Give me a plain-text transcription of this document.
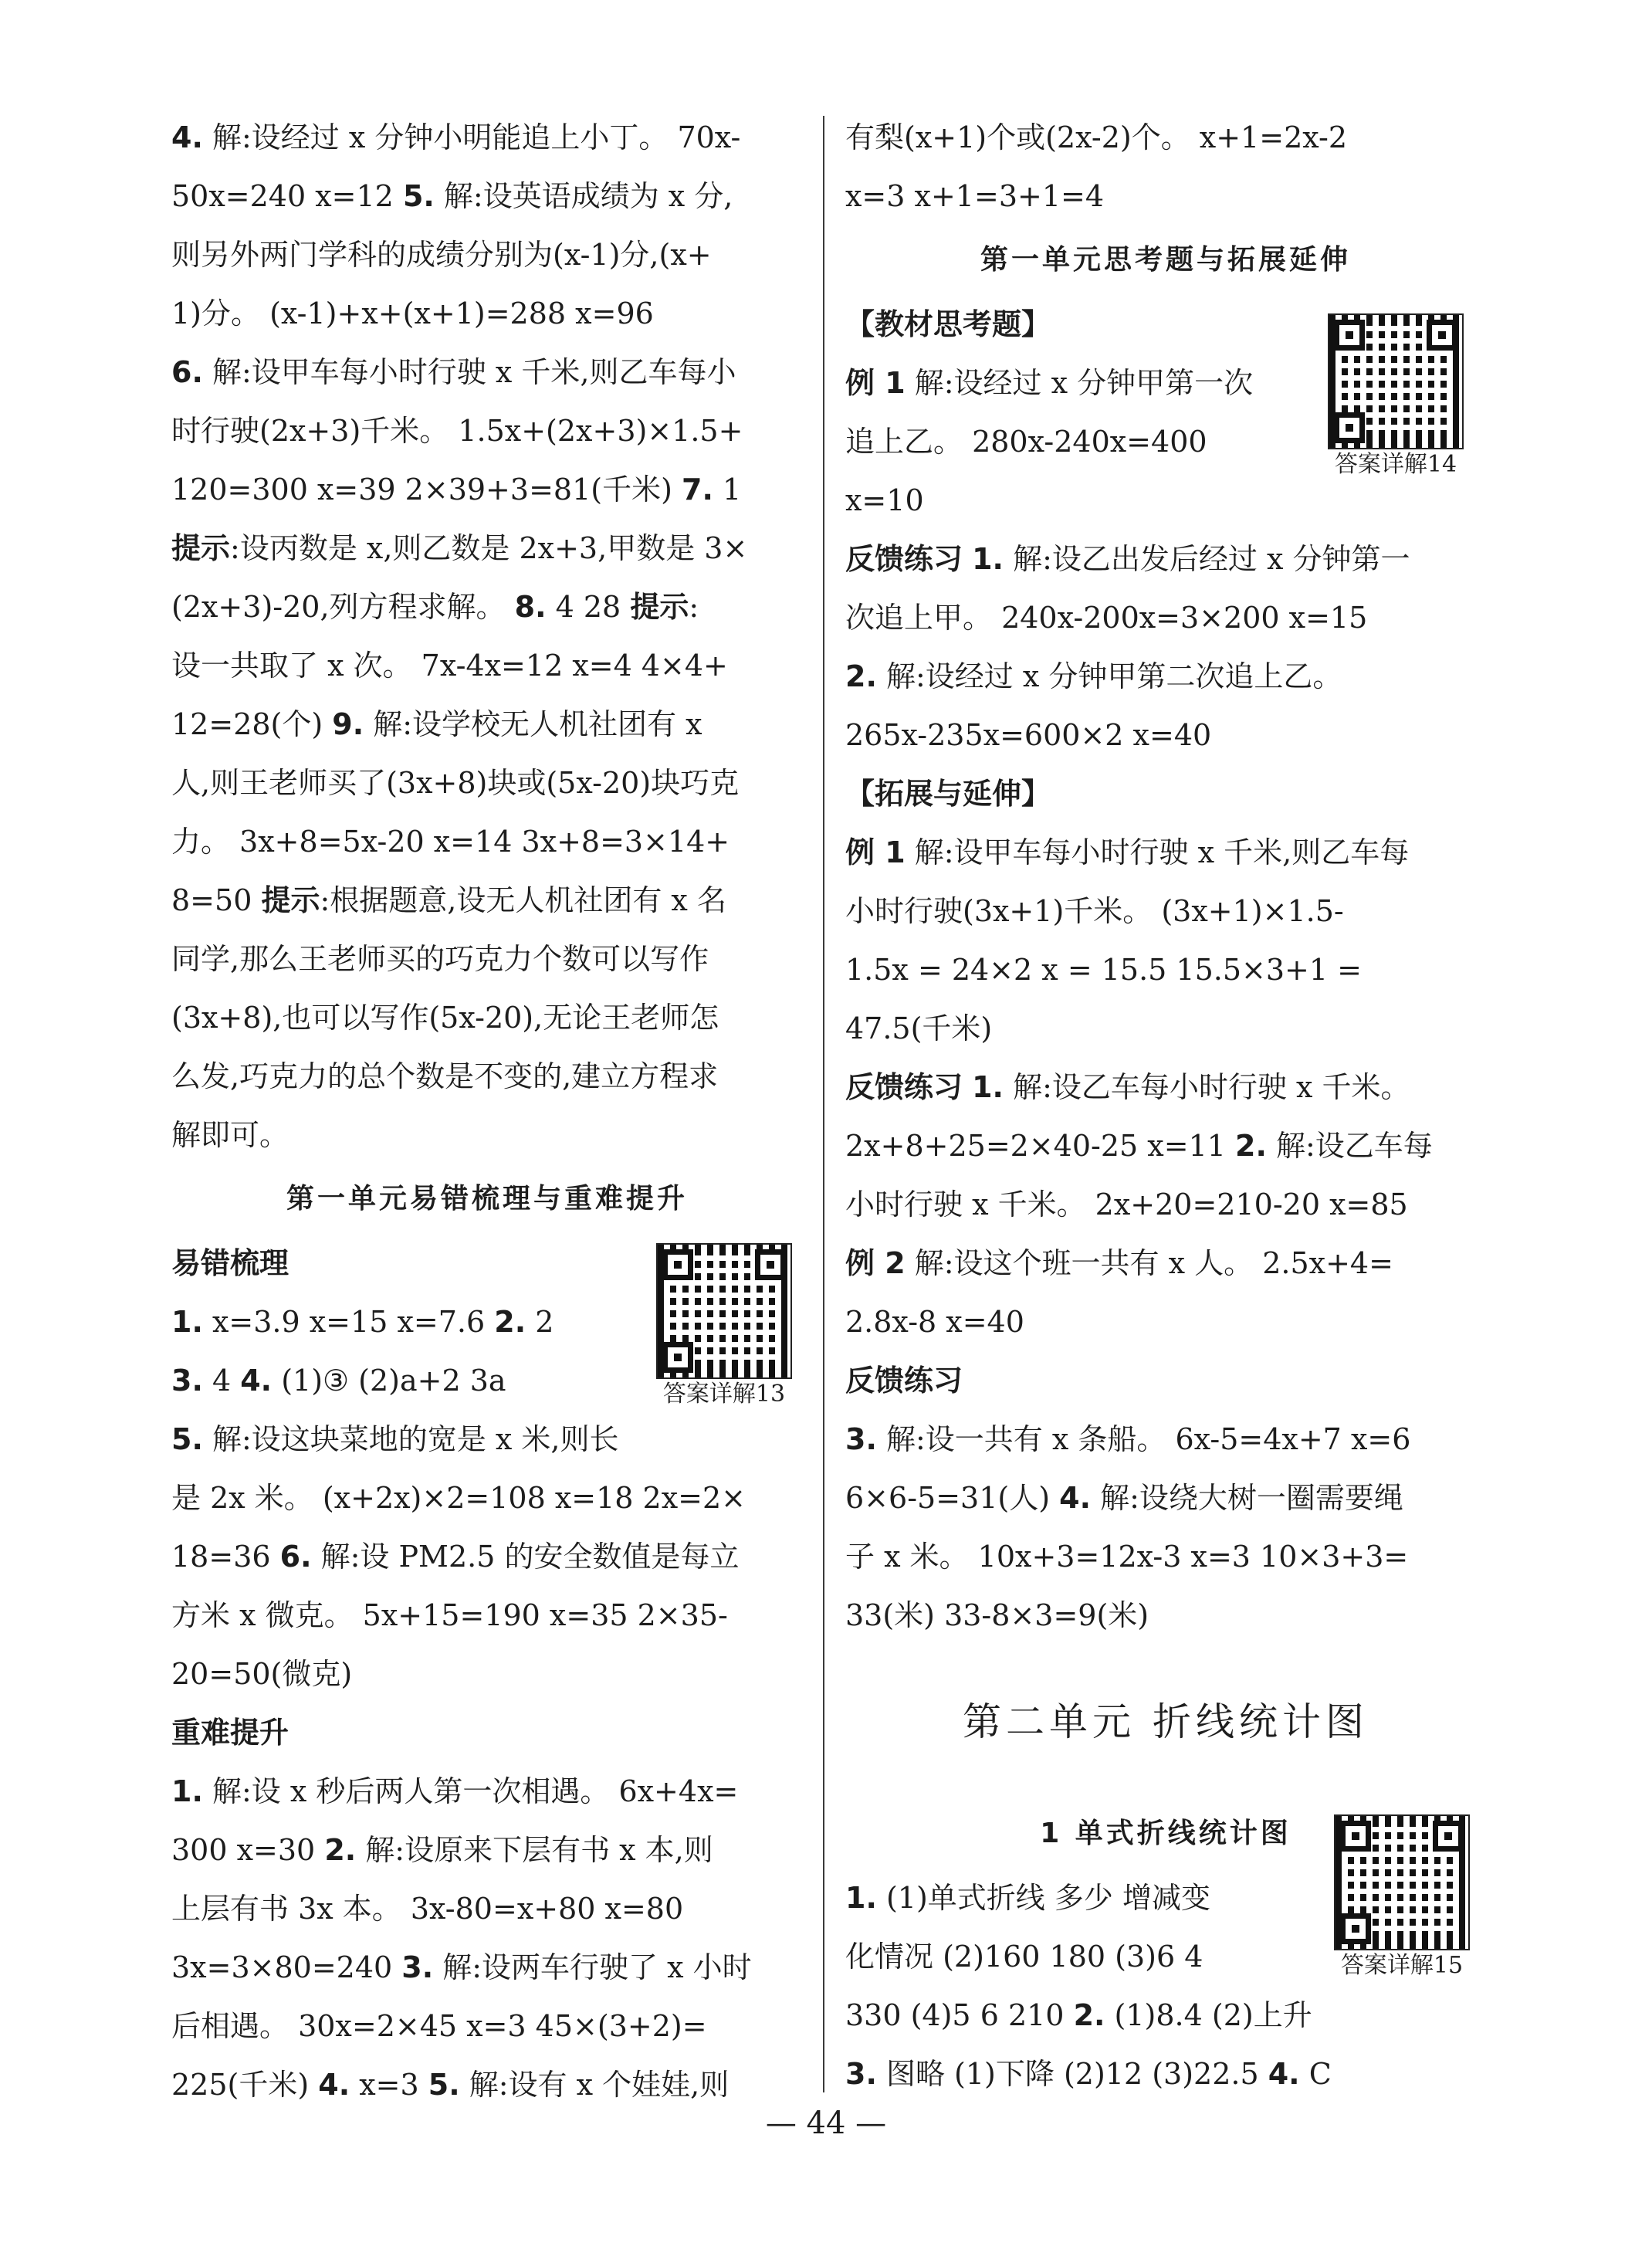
4. 解:设经过 x 分钟小明能追上小丁。 70x-
50x=240 x=12 5. 解:设英语成绩为 x 分,
则另外两门学科的成绩分别为(x-1)分,(x+
1)分。 (x-1)+x+(x+1)=288 x=96
6. 解:设甲车每小时行驶 x 千米,则乙车每小
时行驶(2x+3)千米。 1.5x+(2x+3)×1.5+
120=300 x=39 2×39+3=81(千米) 7. 1
提示:设丙数是 x,则乙数是 2x+3,甲数是 3×
(2x+3)-20,列方程求解。 8. 4 28 提示:
设一共取了 x 次。 7x-4x=12 x=4 4×4+
12=28(个) 9. 解:设学校无人机社团有 x
人,则王老师买了(3x+8)块或(5x-20)块巧克
力。 3x+8=5x-20 x=14 3x+8=3×14+
8=50 提示:根据题意,设无人机社团有 x 名
同学,那么王老师买的巧克力个数可以写作
(3x+8),也可以写作(5x-20),无论王老师怎
么发,巧克力的总个数是不变的,建立方程求
解即可。
第一单元易错梳理与重难提升
易错梳理
1. x=3.9 x=15 x=7.6 2. 2
3. 4 4. (1)③ (2)a+2 3a
5. 解:设这块菜地的宽是 x 米,则长
是 2x 米。 (x+2x)×2=108 x=18 2x=2×
18=36 6. 解:设 PM2.5 的安全数值是每立
方米 x 微克。 5x+15=190 x=35 2×35-
20=50(微克)
重难提升
1. 解:设 x 秒后两人第一次相遇。 6x+4x=
300 x=30 2. 解:设原来下层有书 x 本,则
上层有书 3x 本。 3x-80=x+80 x=80
3x=3×80=240 3. 解:设两车行驶了 x 小时
后相遇。 30x=2×45 x=3 45×(3+2)=
225(千米) 4. x=3 5. 解:设有 x 个娃娃,则
有梨(x+1)个或(2x-2)个。 x+1=2x-2
x=3 x+1=3+1=4
第一单元思考题与拓展延伸
【教材思考题】
例 1 解:设经过 x 分钟甲第一次
追上乙。 280x-240x=400
x=10
反馈练习 1. 解:设乙出发后经过 x 分钟第一
次追上甲。 240x-200x=3×200 x=15
2. 解:设经过 x 分钟甲第二次追上乙。
265x-235x=600×2 x=40
【拓展与延伸】
例 1 解:设甲车每小时行驶 x 千米,则乙车每
小时行驶(3x+1)千米。 (3x+1)×1.5-
1.5x = 24×2 x = 15.5 15.5×3+1 =
47.5(千米)
反馈练习 1. 解:设乙车每小时行驶 x 千米。
2x+8+25=2×40-25 x=11 2. 解:设乙车每
小时行驶 x 千米。 2x+20=210-20 x=85
例 2 解:设这个班一共有 x 人。 2.5x+4=
2.8x-8 x=40
反馈练习
3. 解:设一共有 x 条船。 6x-5=4x+7 x=6
6×6-5=31(人) 4. 解:设绕大树一圈需要绳
子 x 米。 10x+3=12x-3 x=3 10×3+3=
33(米) 33-8×3=9(米)
第二单元 折线统计图
1 单式折线统计图
1. (1)单式折线 多少 增减变
化情况 (2)160 180 (3)6 4
330 (4)5 6 210 2. (1)8.4 (2)上升
3. 图略 (1)下降 (2)12 (3)22.5 4. C
答案详解13
答案详解14
答案详解15
— 44 —
